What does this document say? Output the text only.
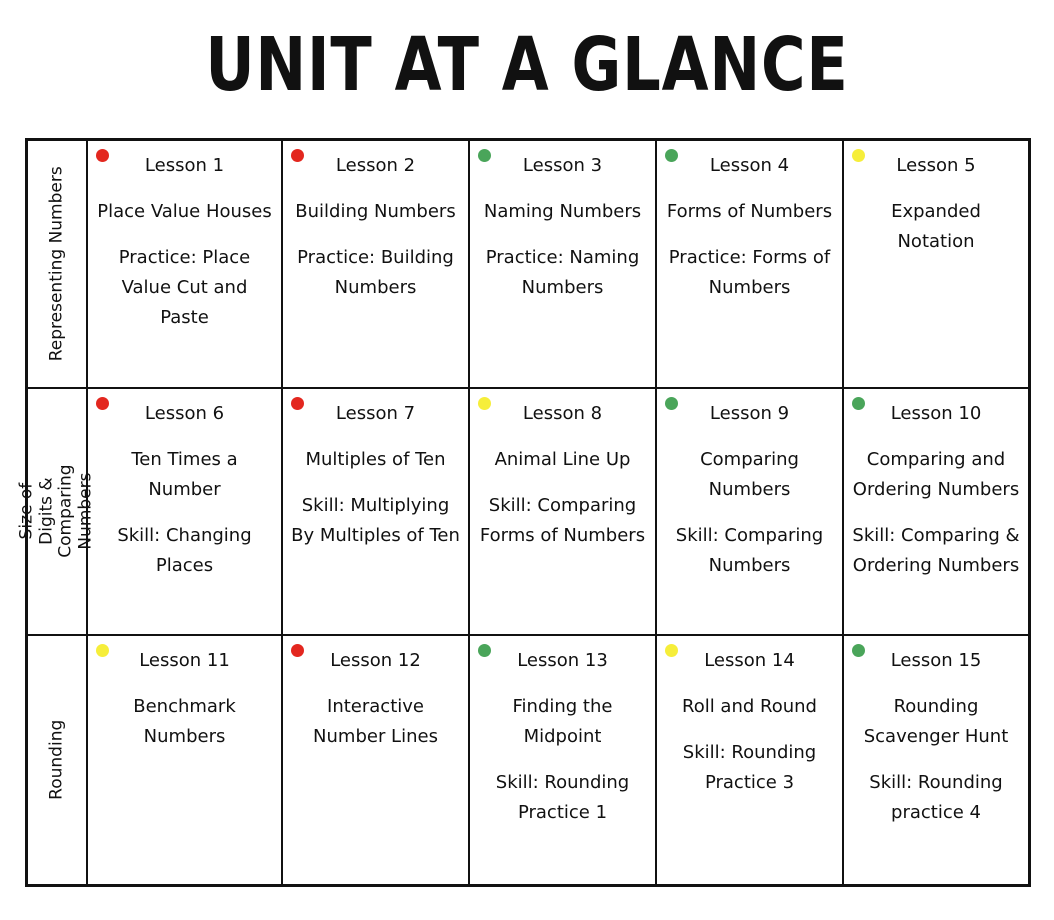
UNIT AT A GLANCE
Representing Numbers
Lesson 1
Place Value Houses
Practice: Place Value Cut and Paste
Lesson 2
Building Numbers
Practice: Building Numbers
Lesson 3
Naming Numbers
Practice: Naming Numbers
Lesson 4
Forms of Numbers
Practice: Forms of Numbers
Lesson 5
Expanded Notation
Size of Digits & Comparing Numbers
Lesson 6
Ten Times a Number
Skill: Changing Places
Lesson 7
Multiples of Ten
Skill: Multiplying By Multiples of Ten
Lesson 8
Animal Line Up
Skill: Comparing Forms of Numbers
Lesson 9
Comparing Numbers
Skill: Comparing Numbers
Lesson 10
Comparing and Ordering Numbers
Skill: Comparing & Ordering Numbers
Rounding
Lesson 11
Benchmark Numbers
Lesson 12
Interactive Number Lines
Lesson 13
Finding the Midpoint
Skill: Rounding Practice 1
Lesson 14
Roll and Round
Skill: Rounding Practice 3
Lesson 15
Rounding Scavenger Hunt
Skill: Rounding practice 4
